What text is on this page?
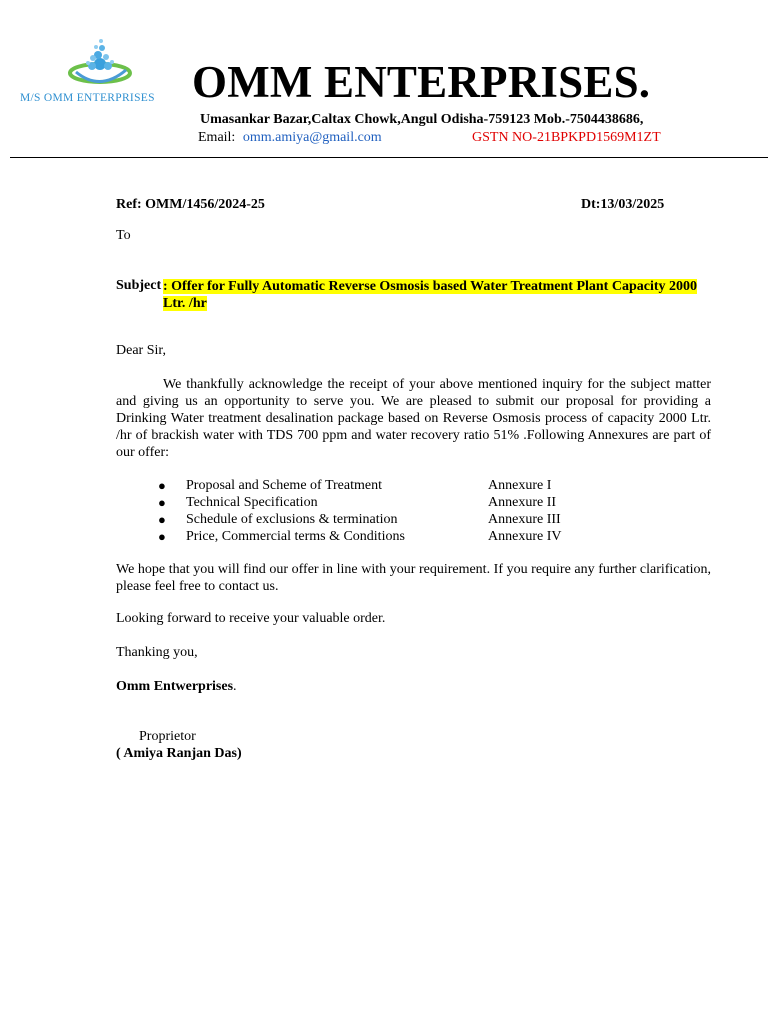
M/S OMM ENTERPRISES OMM ENTERPRISES.
Umasankar Bazar,Caltax Chowk,Angul Odisha-759123 Mob.-7504438686,
Email: omm.amiya@gmail.com	GSTN NO-21BPKPD1569M1ZT
Ref: OMM/1456/2024-25	Dt:13/03/2025
To
Subject : Offer for Fully Automatic Reverse Osmosis based Water Treatment Plant Capacity 2000 Ltr. /hr
Dear Sir,
We thankfully acknowledge the receipt of your above mentioned inquiry for the subject matter and giving us an opportunity to serve you. We are pleased to submit our proposal for providing a Drinking Water treatment desalination package based on Reverse Osmosis process of capacity 2000 Ltr. /hr of brackish water with TDS 700 ppm and water recovery ratio 51% .Following Annexures are part of our offer:
● Proposal and Scheme of Treatment	Annexure I
● Technical Specification	Annexure II
● Schedule of exclusions & termination	Annexure III
● Price, Commercial terms & Conditions	Annexure IV
We hope that you will find our offer in line with your requirement. If you require any further clarification, please feel free to contact us.
Looking forward to receive your valuable order.
Thanking you,
Omm Entwerprises.
Proprietor
( Amiya Ranjan Das)
